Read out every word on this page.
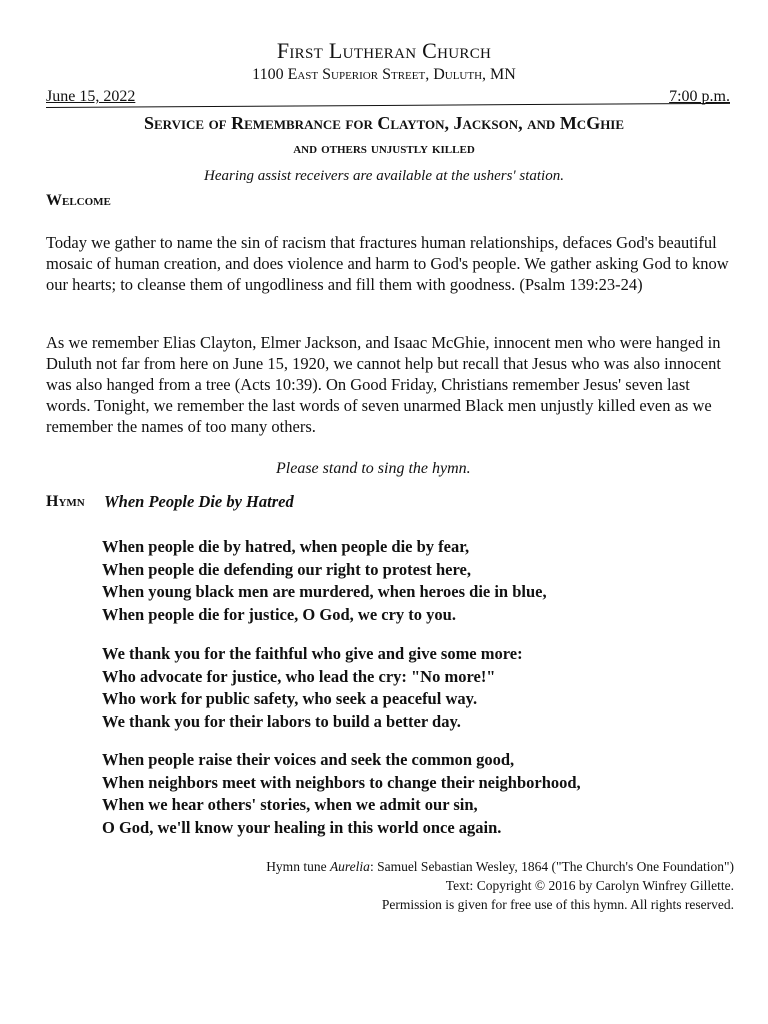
First Lutheran Church
1100 East Superior Street, Duluth, MN
June 15, 2022	7:00 p.m.
Service of Remembrance for Clayton, Jackson, and McGhie
and others unjustly killed
Hearing assist receivers are available at the ushers' station.
Welcome

Today we gather to name the sin of racism that fractures human relationships, defaces God's beautiful mosaic of human creation, and does violence and harm to God's people. We gather asking God to know our hearts; to cleanse them of ungodliness and fill them with goodness. (Psalm 139:23-24)

As we remember Elias Clayton, Elmer Jackson, and Isaac McGhie, innocent men who were hanged in Duluth not far from here on June 15, 1920, we cannot help but recall that Jesus who was also innocent was also hanged from a tree (Acts 10:39). On Good Friday, Christians remember Jesus' seven last words. Tonight, we remember the last words of seven unarmed Black men unjustly killed even as we remember the names of too many others.

Please stand to sing the hymn.
Hymn When People Die by Hatred
When people die by hatred, when people die by fear,
When people die defending our right to protest here,
When young black men are murdered, when heroes die in blue,
When people die for justice, O God, we cry to you.
We thank you for the faithful who give and give some more:
Who advocate for justice, who lead the cry: "No more!"
Who work for public safety, who seek a peaceful way.
We thank you for their labors to build a better day.
When people raise their voices and seek the common good,
When neighbors meet with neighbors to change their neighborhood,
When we hear others' stories, when we admit our sin,
O God, we'll know your healing in this world once again.
Hymn tune Aurelia: Samuel Sebastian Wesley, 1864 ("The Church's One Foundation")
Text: Copyright © 2016 by Carolyn Winfrey Gillette.
Permission is given for free use of this hymn. All rights reserved.
